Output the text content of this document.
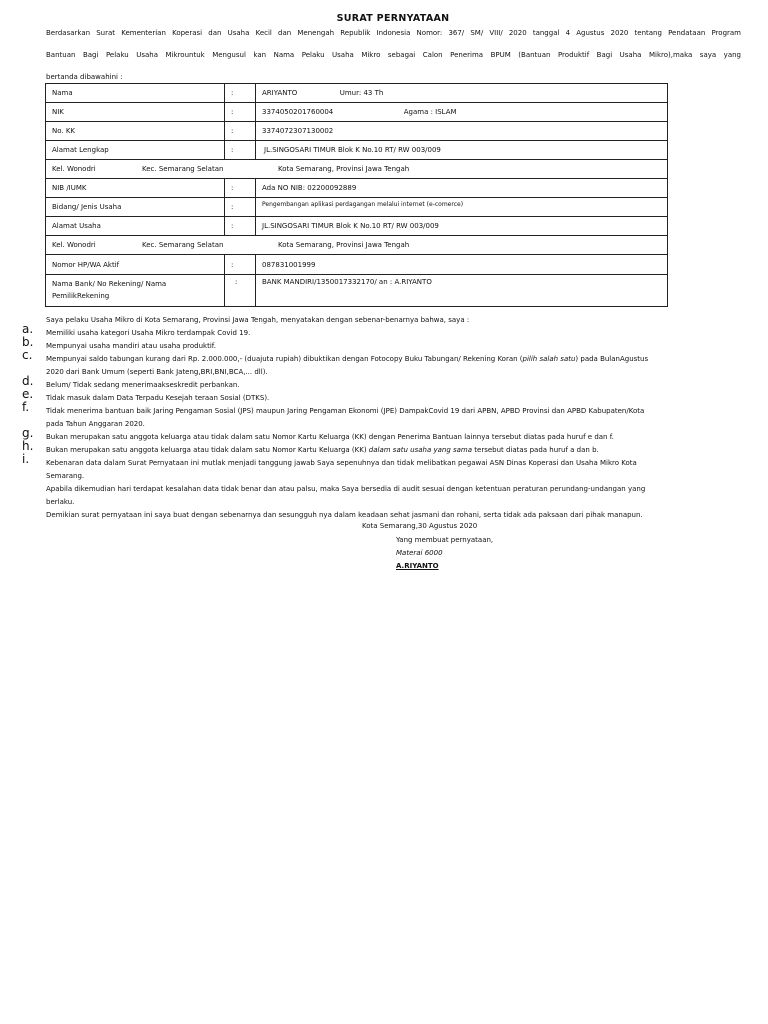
SURAT PERNYATAAN
Berdasarkan Surat Kementerian Koperasi dan Usaha Kecil dan Menengah Republik Indonesia Nomor: 367/ SM/ VIII/ 2020 tanggal 4 Agustus 2020 tentang Pendataan Program
Bantuan Bagi Pelaku Usaha Mikrountuk Mengusul kan Nama Pelaku Usaha Mikro sebagai Calon Penerima BPUM (Bantuan Produktif Bagi Usaha Mikro),maka saya yang
bertanda dibawahini :
Nama	:	ARIYANTO Umur: 43 Th
NIK	:	3374050201760004 Agama : ISLAM
No. KK	:	3374072307130002
Alamat Lengkap	:	JL.SINGOSARI TIMUR Blok K No.10 RT/ RW 003/009
Kel. Wonodri Kec. Semarang Selatan Kota Semarang, Provinsi Jawa Tengah		
NIB /IUMK	:	Ada NO NIB: 02200092889
Bidang/ Jenis Usaha	:	Pengembangan aplikasi perdagangan melalui internet (e-comerce)
Alamat Usaha	:	JL.SINGOSARI TIMUR Blok K No.10 RT/ RW 003/009
Kel. Wonodri Kec. Semarang Selatan Kota Semarang, Provinsi Jawa Tengah		
Nomor HP/WA Aktif	:	087831001999
Nama Bank/ No Rekening/ Nama
PemilikRekening	:	BANK MANDIRI/1350017332170/ an : A.RIYANTO
Saya pelaku Usaha Mikro di Kota Semarang, Provinsi Jawa Tengah, menyatakan dengan sebenar-benarnya bahwa, saya :
a. Memiliki usaha kategori Usaha Mikro terdampak Covid 19.
b. Mempunyai usaha mandiri atau usaha produktif.
c. Mempunyai saldo tabungan kurang dari Rp. 2.000.000,- (duajuta rupiah) dibuktikan dengan Fotocopy Buku Tabungan/ Rekening Koran (pilih salah satu) pada BulanAgustus
2020 dari Bank Umum (seperti Bank Jateng,BRI,BNI,BCA,... dll).
d. Belum/ Tidak sedang menerimaakseskredit perbankan.
e. Tidak masuk dalam Data Terpadu Kesejah teraan Sosial (DTKS).
f. Tidak menerima bantuan baik Jaring Pengaman Sosial (JPS) maupun Jaring Pengaman Ekonomi (JPE) DampakCovid 19 dari APBN, APBD Provinsi dan APBD Kabupaten/Kota
pada Tahun Anggaran 2020.
g. Bukan merupakan satu anggota keluarga atau tidak dalam satu Nomor Kartu Keluarga (KK) dengan Penerima Bantuan lainnya tersebut diatas pada huruf e dan f.
h. Bukan merupakan satu anggota keluarga atau tidak dalam satu Nomor Kartu Keluarga (KK) dalam satu usaha yang sama tersebut diatas pada huruf a dan b.
i. Kebenaran data dalam Surat Pernyataan ini mutlak menjadi tanggung jawab Saya sepenuhnya dan tidak melibatkan pegawai ASN Dinas Koperasi dan Usaha Mikro Kota
Semarang.
Apabila dikemudian hari terdapat kesalahan data tidak benar dan atau palsu, maka Saya bersedia di audit sesuai dengan ketentuan peraturan perundang-undangan yang
berlaku.
Demikian surat pernyataan ini saya buat dengan sebenarnya dan sesungguh nya dalam keadaan sehat jasmani dan rohani, serta tidak ada paksaan dari pihak manapun.
Kota Semarang,30 Agustus 2020
Yang membuat pernyataan,
Materai 6000
A.RIYANTO
